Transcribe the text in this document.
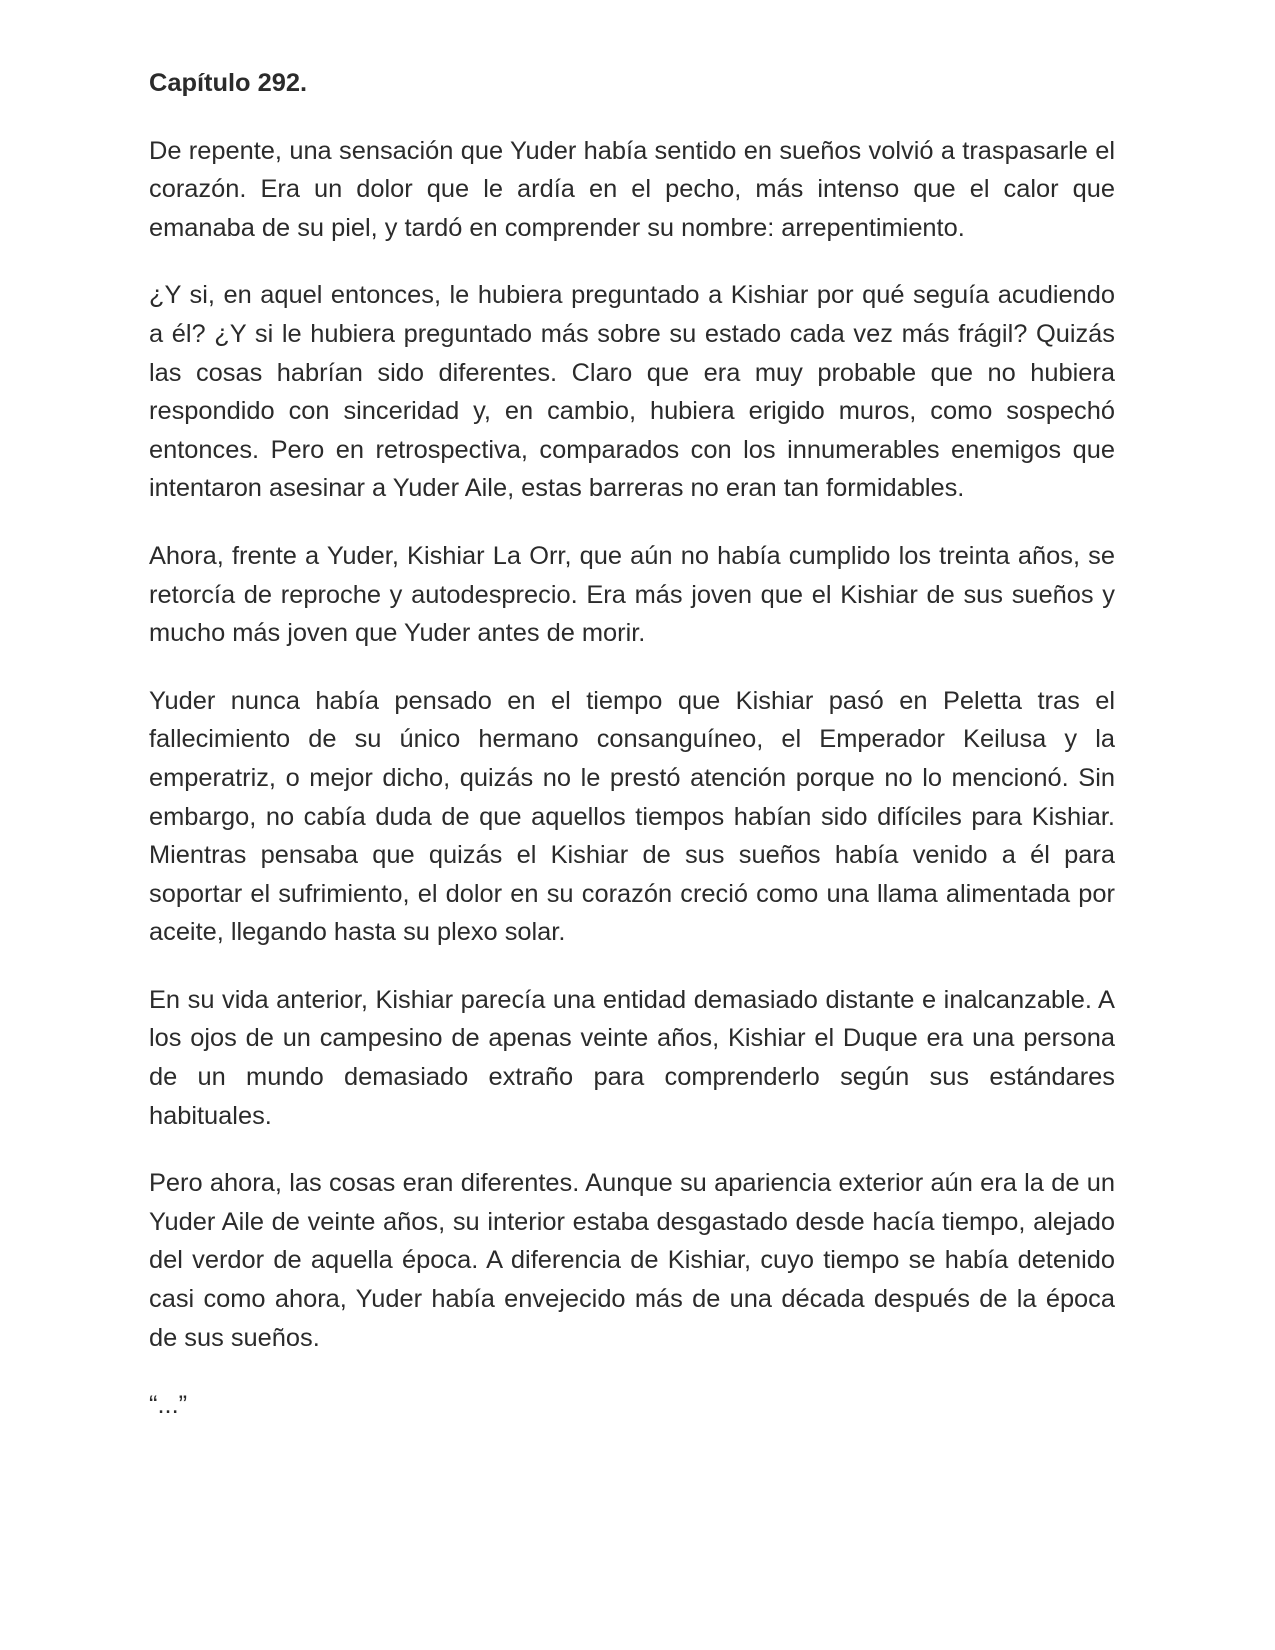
Capítulo 292.

De repente, una sensación que Yuder había sentido en sueños volvió a traspasarle el corazón. Era un dolor que le ardía en el pecho, más intenso que el calor que emanaba de su piel, y tardó en comprender su nombre: arrepentimiento.

¿Y si, en aquel entonces, le hubiera preguntado a Kishiar por qué seguía acudiendo a él? ¿Y si le hubiera preguntado más sobre su estado cada vez más frágil? Quizás las cosas habrían sido diferentes. Claro que era muy probable que no hubiera respondido con sinceridad y, en cambio, hubiera erigido muros, como sospechó entonces. Pero en retrospectiva, comparados con los innumerables enemigos que intentaron asesinar a Yuder Aile, estas barreras no eran tan formidables.

Ahora, frente a Yuder, Kishiar La Orr, que aún no había cumplido los treinta años, se retorcía de reproche y autodesprecio. Era más joven que el Kishiar de sus sueños y mucho más joven que Yuder antes de morir.

Yuder nunca había pensado en el tiempo que Kishiar pasó en Peletta tras el fallecimiento de su único hermano consanguíneo, el Emperador Keilusa y la emperatriz, o mejor dicho, quizás no le prestó atención porque no lo mencionó. Sin embargo, no cabía duda de que aquellos tiempos habían sido difíciles para Kishiar. Mientras pensaba que quizás el Kishiar de sus sueños había venido a él para soportar el sufrimiento, el dolor en su corazón creció como una llama alimentada por aceite, llegando hasta su plexo solar.

En su vida anterior, Kishiar parecía una entidad demasiado distante e inalcanzable. A los ojos de un campesino de apenas veinte años, Kishiar el Duque era una persona de un mundo demasiado extraño para comprenderlo según sus estándares habituales.

Pero ahora, las cosas eran diferentes. Aunque su apariencia exterior aún era la de un Yuder Aile de veinte años, su interior estaba desgastado desde hacía tiempo, alejado del verdor de aquella época. A diferencia de Kishiar, cuyo tiempo se había detenido casi como ahora, Yuder había envejecido más de una década después de la época de sus sueños.

“...”
